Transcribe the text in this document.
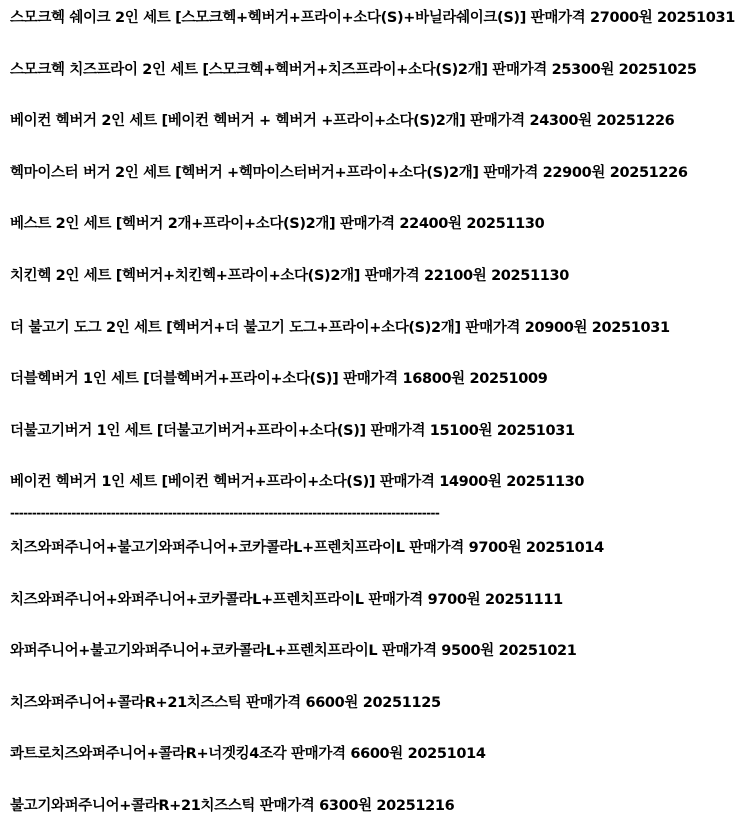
스모크헥 쉐이크 2인 세트 [스모크헥+헥버거+프라이+소다(S)+바닐라쉐이크(S)] 판매가격 27000원 20251031
스모크헥 치즈프라이 2인 세트 [스모크헥+헥버거+치즈프라이+소다(S)2개] 판매가격 25300원 20251025
베이컨 헥버거 2인 세트 [베이컨 헥버거 + 헥버거 +프라이+소다(S)2개] 판매가격 24300원 20251226
헥마이스터 버거 2인 세트 [헥버거 +헥마이스터버거+프라이+소다(S)2개] 판매가격 22900원 20251226
베스트 2인 세트 [헥버거 2개+프라이+소다(S)2개] 판매가격 22400원 20251130
치킨헥 2인 세트 [헥버거+치킨헥+프라이+소다(S)2개] 판매가격 22100원 20251130
더 불고기 도그 2인 세트 [헥버거+더 불고기 도그+프라이+소다(S)2개] 판매가격 20900원 20251031
더블헥버거 1인 세트 [더블헥버거+프라이+소다(S)] 판매가격 16800원 20251009
더불고기버거 1인 세트 [더불고기버거+프라이+소다(S)] 판매가격 15100원 20251031
베이컨 헥버거 1인 세트 [베이컨 헥버거+프라이+소다(S)] 판매가격 14900원 20251130
--------------------------------------------------------------------------------------------------
치즈와퍼주니어+불고기와퍼주니어+코카콜라L+프렌치프라이L 판매가격 9700원 20251014
치즈와퍼주니어+와퍼주니어+코카콜라L+프렌치프라이L 판매가격 9700원 20251111
와퍼주니어+불고기와퍼주니어+코카콜라L+프렌치프라이L 판매가격 9500원 20251021
치즈와퍼주니어+콜라R+21치즈스틱 판매가격 6600원 20251125
콰트로치즈와퍼주니어+콜라R+너겟킹4조각 판매가격 6600원 20251014
불고기와퍼주니어+콜라R+21치즈스틱 판매가격 6300원 20251216
